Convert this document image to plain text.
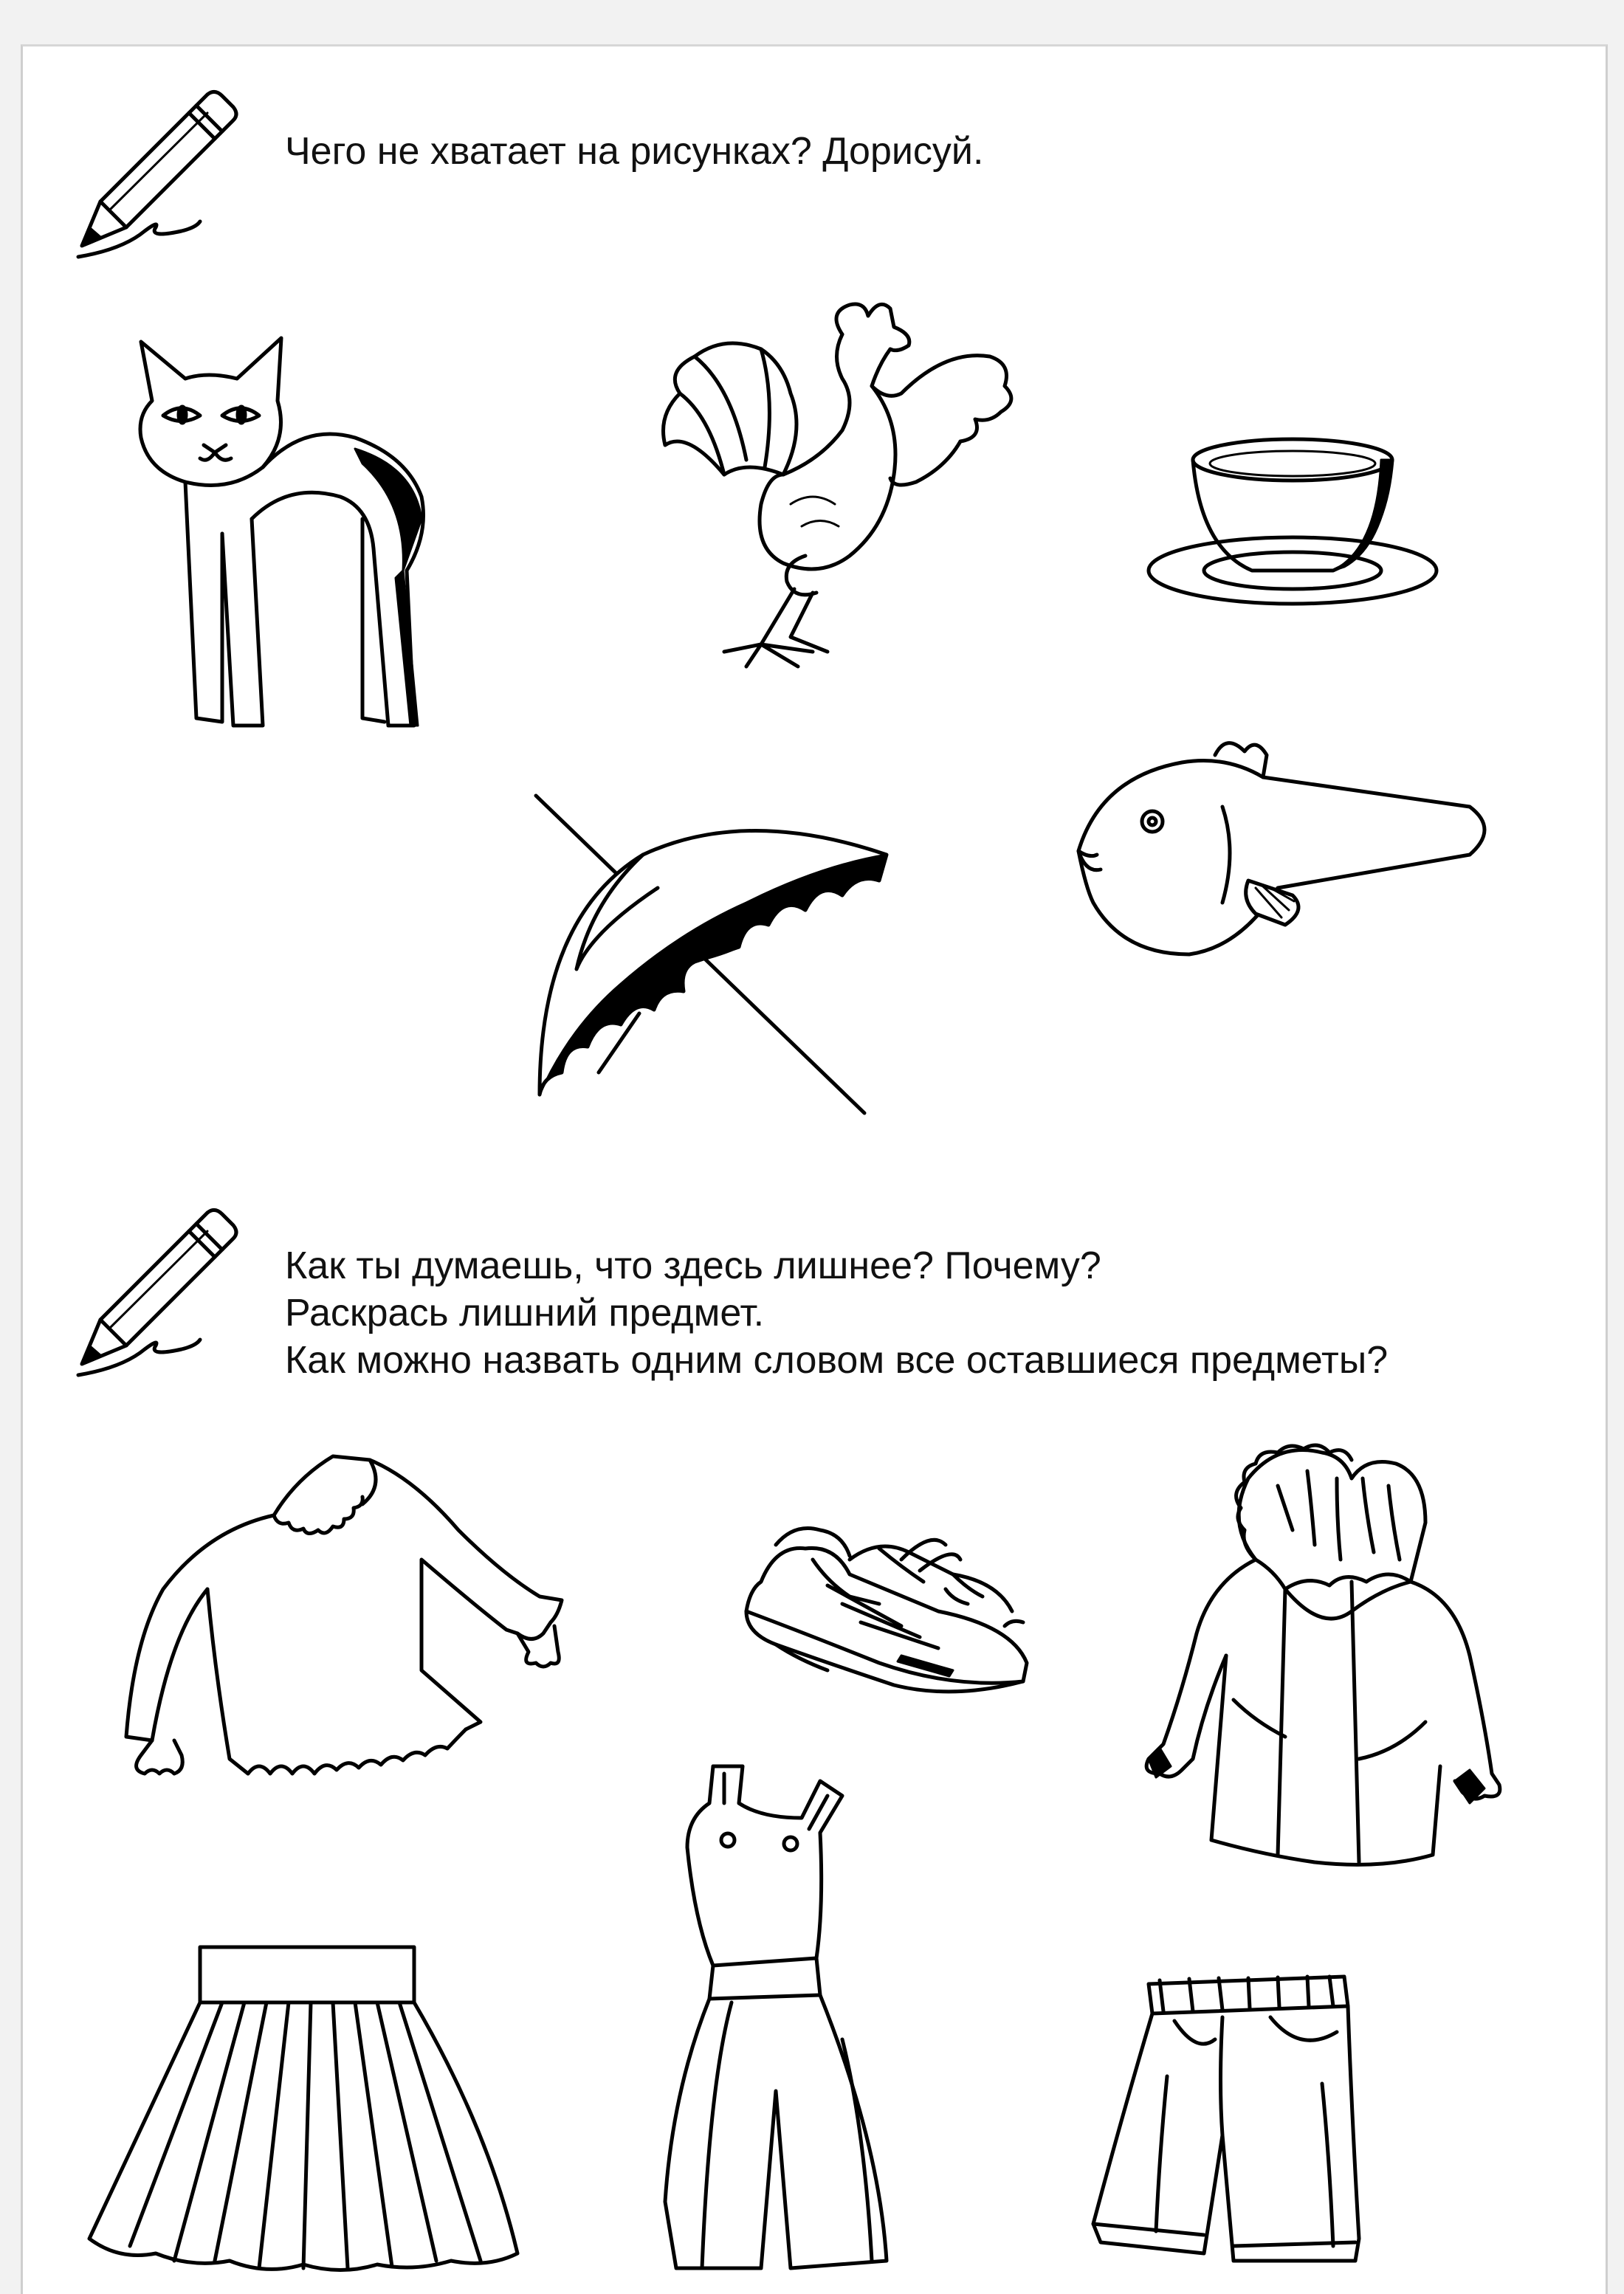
Чего не хватает на рисунках? Дорисуй.

Как ты думаешь, что здесь лишнее? Почему?
Раскрась лишний предмет.
Как можно назвать одним словом все оставшиеся предметы?
